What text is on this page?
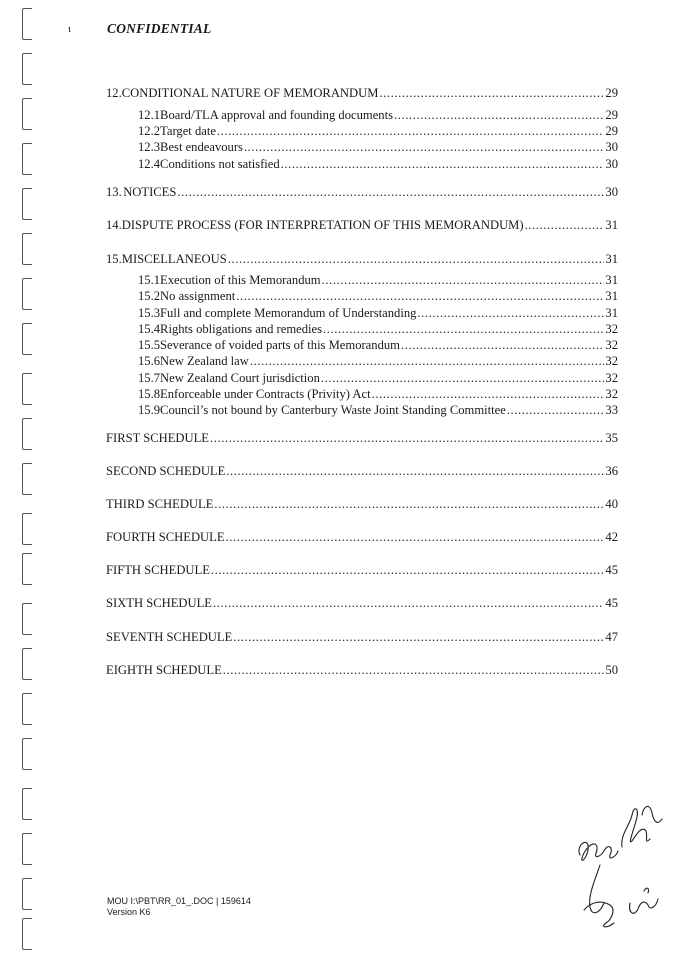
ι	CONFIDENTIAL
12. CONDITIONAL NATURE OF MEMORANDUM .....	29
12.1 Board/TLA approval and founding documents .....	29
12.2 Target date .....	29
12.3 Best endeavours .....	30
12.4 Conditions not satisfied .....	30
13. NOTICES .....	30
14. DISPUTE PROCESS (FOR INTERPRETATION OF THIS MEMORANDUM) .....	31
15. MISCELLANEOUS .....	31
15.1 Execution of this Memorandum .....	31
15.2 No assignment .....	31
15.3 Full and complete Memorandum of Understanding .....	31
15.4 Rights obligations and remedies .....	32
15.5 Severance of voided parts of this Memorandum .....	32
15.6 New Zealand law .....	32
15.7 New Zealand Court jurisdiction .....	32
15.8 Enforceable under Contracts (Privity) Act .....	32
15.9 Council’s not bound by Canterbury Waste Joint Standing Committee .....	33
FIRST SCHEDULE .....	35
SECOND SCHEDULE .....	36
THIRD SCHEDULE .....	40
FOURTH SCHEDULE .....	42
FIFTH SCHEDULE .....	45
SIXTH SCHEDULE .....	45
SEVENTH SCHEDULE .....	47
EIGHTH SCHEDULE .....	50
MOU I:\PBT\RR_01_.DOC | 159614
Version K6
